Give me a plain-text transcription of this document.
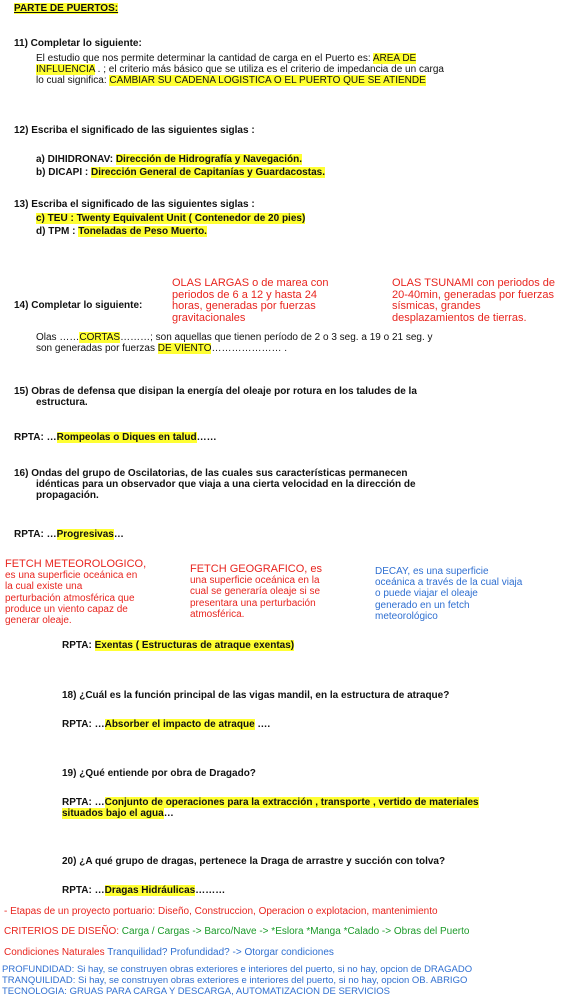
PARTE DE PUERTOS:
11) Completar lo siguiente:
El estudio que nos permite determinar la cantidad de carga en el Puerto es: AREA DE
INFLUENCIA . ; el criterio más básico que se utiliza es el criterio de impedancia de un carga
lo cual significa: CAMBIAR SU CADENA LOGISTICA O EL PUERTO QUE SE ATIENDE
12) Escriba el significado de las siguientes siglas :
a) DIHIDRONAV: Dirección de Hidrografía y Navegación.
b) DICAPI : Dirección General de Capitanías y Guardacostas.
13) Escriba el significado de las siguientes siglas :
c) TEU : Twenty Equivalent Unit ( Contenedor de 20 pies)
d) TPM : Toneladas de Peso Muerto.
OLAS LARGAS o de marea con
periodos de 6 a 12 y hasta 24
horas, generadas por fuerzas
gravitacionales
OLAS TSUNAMI con periodos de
20-40min, generadas por fuerzas
sísmicas, grandes
desplazamientos de tierras.
14) Completar lo siguiente:
Olas ……CORTAS………; son aquellas que tienen período de 2 o 3 seg. a 19 o 21 seg. y
son generadas por fuerzas DE VIENTO………………… .
15) Obras de defensa que disipan la energía del oleaje por rotura en los taludes de la
estructura.
RPTA: …Rompeolas o Diques en talud……
16) Ondas del grupo de Oscilatorias, de las cuales sus características permanecen
idénticas para un observador que viaja a una cierta velocidad en la dirección de
propagación.
RPTA: …Progresivas…
FETCH METEOROLOGICO,
es una superficie oceánica en
la cual existe una
perturbación atmosférica que
produce un viento capaz de
generar oleaje.
FETCH GEOGRAFICO, es
una superficie oceánica en la
cual se generaría oleaje si se
presentara una perturbación
atmosférica.
DECAY, es una superficie
oceánica a través de la cual viaja
o puede viajar el oleaje
generado en un fetch
meteorológico
RPTA: Exentas ( Estructuras de atraque exentas)
18) ¿Cuál es la función principal de las vigas mandil, en la estructura de atraque?
RPTA: …Absorber el impacto de atraque ….
19) ¿Qué entiende por obra de Dragado?
RPTA: …Conjunto de operaciones para la extracción , transporte , vertido de materiales
situados bajo el agua…
20) ¿A qué grupo de dragas, pertenece la Draga de arrastre y succión con tolva?
RPTA: …Dragas Hidráulicas………
- Etapas de un proyecto portuario: Diseño, Construccion, Operacion o explotacion, mantenimiento
CRITERIOS DE DISEÑO: Carga / Cargas -> Barco/Nave -> *Eslora *Manga *Calado -> Obras del Puerto
Condiciones Naturales Tranquilidad? Profundidad? -> Otorgar condiciones
PROFUNDIDAD: Si hay, se construyen obras exteriores e interiores del puerto, si no hay, opcion de DRAGADO
TRANQUILIDAD: Si hay, se construyen obras exteriores e interiores del puerto, si no hay, opcion OB. ABRIGO
TECNOLOGIA: GRUAS PARA CARGA Y DESCARGA, AUTOMATIZACION DE SERVICIOS
